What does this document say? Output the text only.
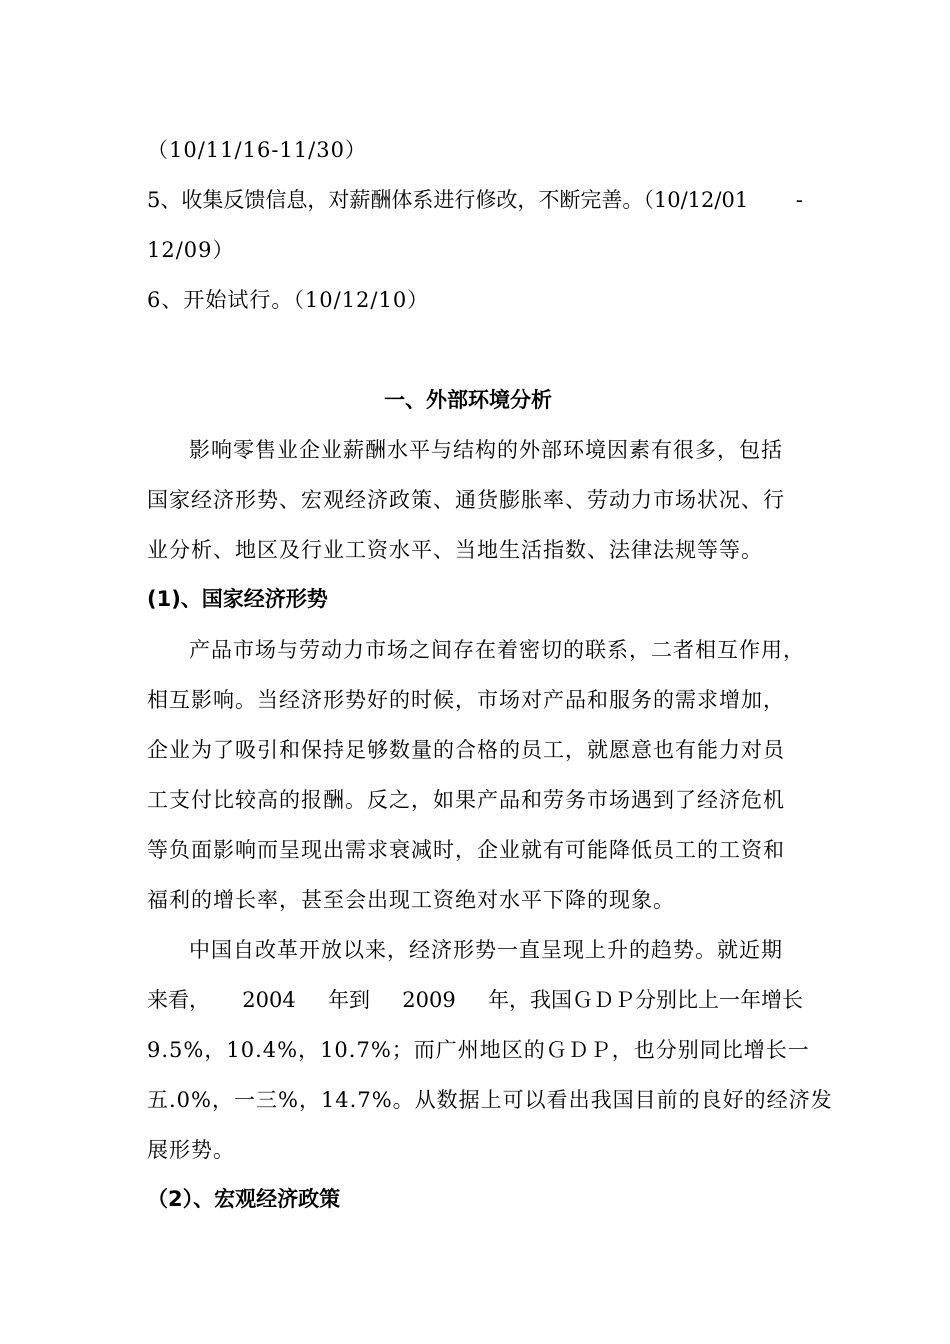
（10/11/16-11/30）
5、收集反馈信息，对薪酬体系进行修改，不断完善。（10/12/01 -
12/09）
6、开始试行。（10/12/10）
一、外部环境分析
影响零售业企业薪酬水平与结构的外部环境因素有很多，包括
国家经济形势、宏观经济政策、通货膨胀率、劳动力市场状况、行
业分析、地区及行业工资水平、当地生活指数、法律法规等等。
(1)、国家经济形势
产品市场与劳动力市场之间存在着密切的联系，二者相互作用，
相互影响。当经济形势好的时候，市场对产品和服务的需求增加，
企业为了吸引和保持足够数量的合格的员工，就愿意也有能力对员
工支付比较高的报酬。反之，如果产品和劳务市场遇到了经济危机
等负面影响而呈现出需求衰减时，企业就有可能降低员工的工资和
福利的增长率，甚至会出现工资绝对水平下降的现象。
中国自改革开放以来，经济形势一直呈现上升的趋势。就近期
来看， 2004 年到 2009 年，我国ＧＤＰ分别比上一年增长
9.5%，10.4%，10.7%；而广州地区的ＧＤＰ，也分别同比增长一
五.0%，一三%，14.7%。从数据上可以看出我国目前的良好的经济发
展形势。
（2）、宏观经济政策
